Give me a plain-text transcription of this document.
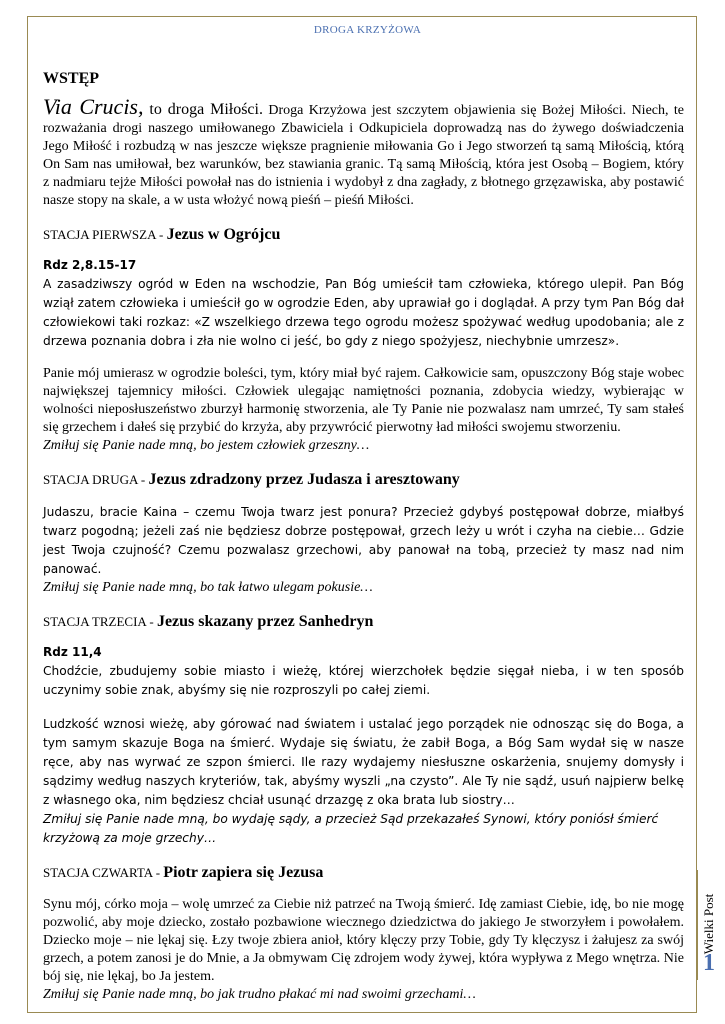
DROGA KRZYŻOWA
WSTĘP

Via Crucis, to droga Miłości. Droga Krzyżowa jest szczytem objawienia się Bożej Miłości. Niech, te rozważania drogi naszego umiłowanego Zbawiciela i Odkupiciela doprowadzą nas do żywego doświadczenia Jego Miłość i rozbudzą w nas jeszcze większe pragnienie miłowania Go i Jego stworzeń tą samą Miłością, którą On Sam nas umiłował, bez warunków, bez stawiania granic. Tą samą Miłością, która jest Osobą – Bogiem, który z nadmiaru tejże Miłości powołał nas do istnienia i wydobył z dna zagłady, z błotnego grzęzawiska, aby postawić nasze stopy na skale, a w usta włożyć nową pieśń – pieśń Miłości.

STACJA PIERWSZA - Jezus w Ogrójcu
Rdz 2,8.15-17

A zasadziwszy ogród w Eden na wschodzie, Pan Bóg umieścił tam człowieka, którego ulepił. Pan Bóg wziął zatem człowieka i umieścił go w ogrodzie Eden, aby uprawiał go i doglądał. A przy tym Pan Bóg dał człowiekowi taki rozkaz: «Z wszelkiego drzewa tego ogrodu możesz spożywać według upodobania; ale z drzewa poznania dobra i zła nie wolno ci jeść, bo gdy z niego spożyjesz, niechybnie umrzesz».

Panie mój umierasz w ogrodzie boleści, tym, który miał być rajem. Całkowicie sam, opuszczony Bóg staje wobec największej tajemnicy miłości. Człowiek ulegając namiętności poznania, zdobycia wiedzy, wybierając w wolności nieposłuszeństwo zburzył harmonię stworzenia, ale Ty Panie nie pozwalasz nam umrzeć, Ty sam stałeś się grzechem i dałeś się przybić do krzyża, aby przywrócić pierwotny ład miłości swojemu stworzeniu.

Zmiłuj się Panie nade mną, bo jestem człowiek grzeszny…

STACJA DRUGA - Jezus zdradzony przez Judasza i aresztowany

Judaszu, bracie Kaina – czemu Twoja twarz jest ponura? Przecież gdybyś postępował dobrze, miałbyś twarz pogodną; jeżeli zaś nie będziesz dobrze postępował, grzech leży u wrót i czyha na ciebie… Gdzie jest Twoja czujność? Czemu pozwalasz grzechowi, aby panował na tobą, przecież ty masz nad nim panować.

Zmiłuj się Panie nade mną, bo tak łatwo ulegam pokusie…

STACJA TRZECIA - Jezus skazany przez Sanhedryn
Rdz 11,4

Chodźcie, zbudujemy sobie miasto i wieżę, której wierzchołek będzie sięgał nieba, i w ten sposób uczynimy sobie znak, abyśmy się nie rozproszyli po całej ziemi.

Ludzkość wznosi wieżę, aby górować nad światem i ustalać jego porządek nie odnosząc się do Boga, a tym samym skazuje Boga na śmierć. Wydaje się światu, że zabił Boga, a Bóg Sam wydał się w nasze ręce, aby nas wyrwać ze szpon śmierci. Ile razy wydajemy niesłuszne oskarżenia, snujemy domysły i sądzimy według naszych kryteriów, tak, abyśmy wyszli „na czysto”. Ale Ty nie sądź, usuń najpierw belkę z własnego oka, nim będziesz chciał usunąć drzazgę z oka brata lub siostry…

Zmiłuj się Panie nade mną, bo wydaję sądy, a przecież Sąd przekazałeś Synowi, który poniósł śmierć krzyżową za moje grzechy…

STACJA CZWARTA - Piotr zapiera się Jezusa

Synu mój, córko moja – wolę umrzeć za Ciebie niż patrzeć na Twoją śmierć. Idę zamiast Ciebie, idę, bo nie mogę pozwolić, aby moje dziecko, zostało pozbawione wiecznego dziedzictwa do jakiego Je stworzyłem i powołałem. Dziecko moje – nie lękaj się. Łzy twoje zbiera anioł, który klęczy przy Tobie, gdy Ty klęczysz i żałujesz za swój grzech, a potem zanosi je do Mnie, a Ja obmywam Cię zdrojem wody żywej, która wypływa z Mego wnętrza. Nie bój się, nie lękaj, bo Ja jestem.

Zmiłuj się Panie nade mną, bo jak trudno płakać mi nad swoimi grzechami…

Wielki Post
1
